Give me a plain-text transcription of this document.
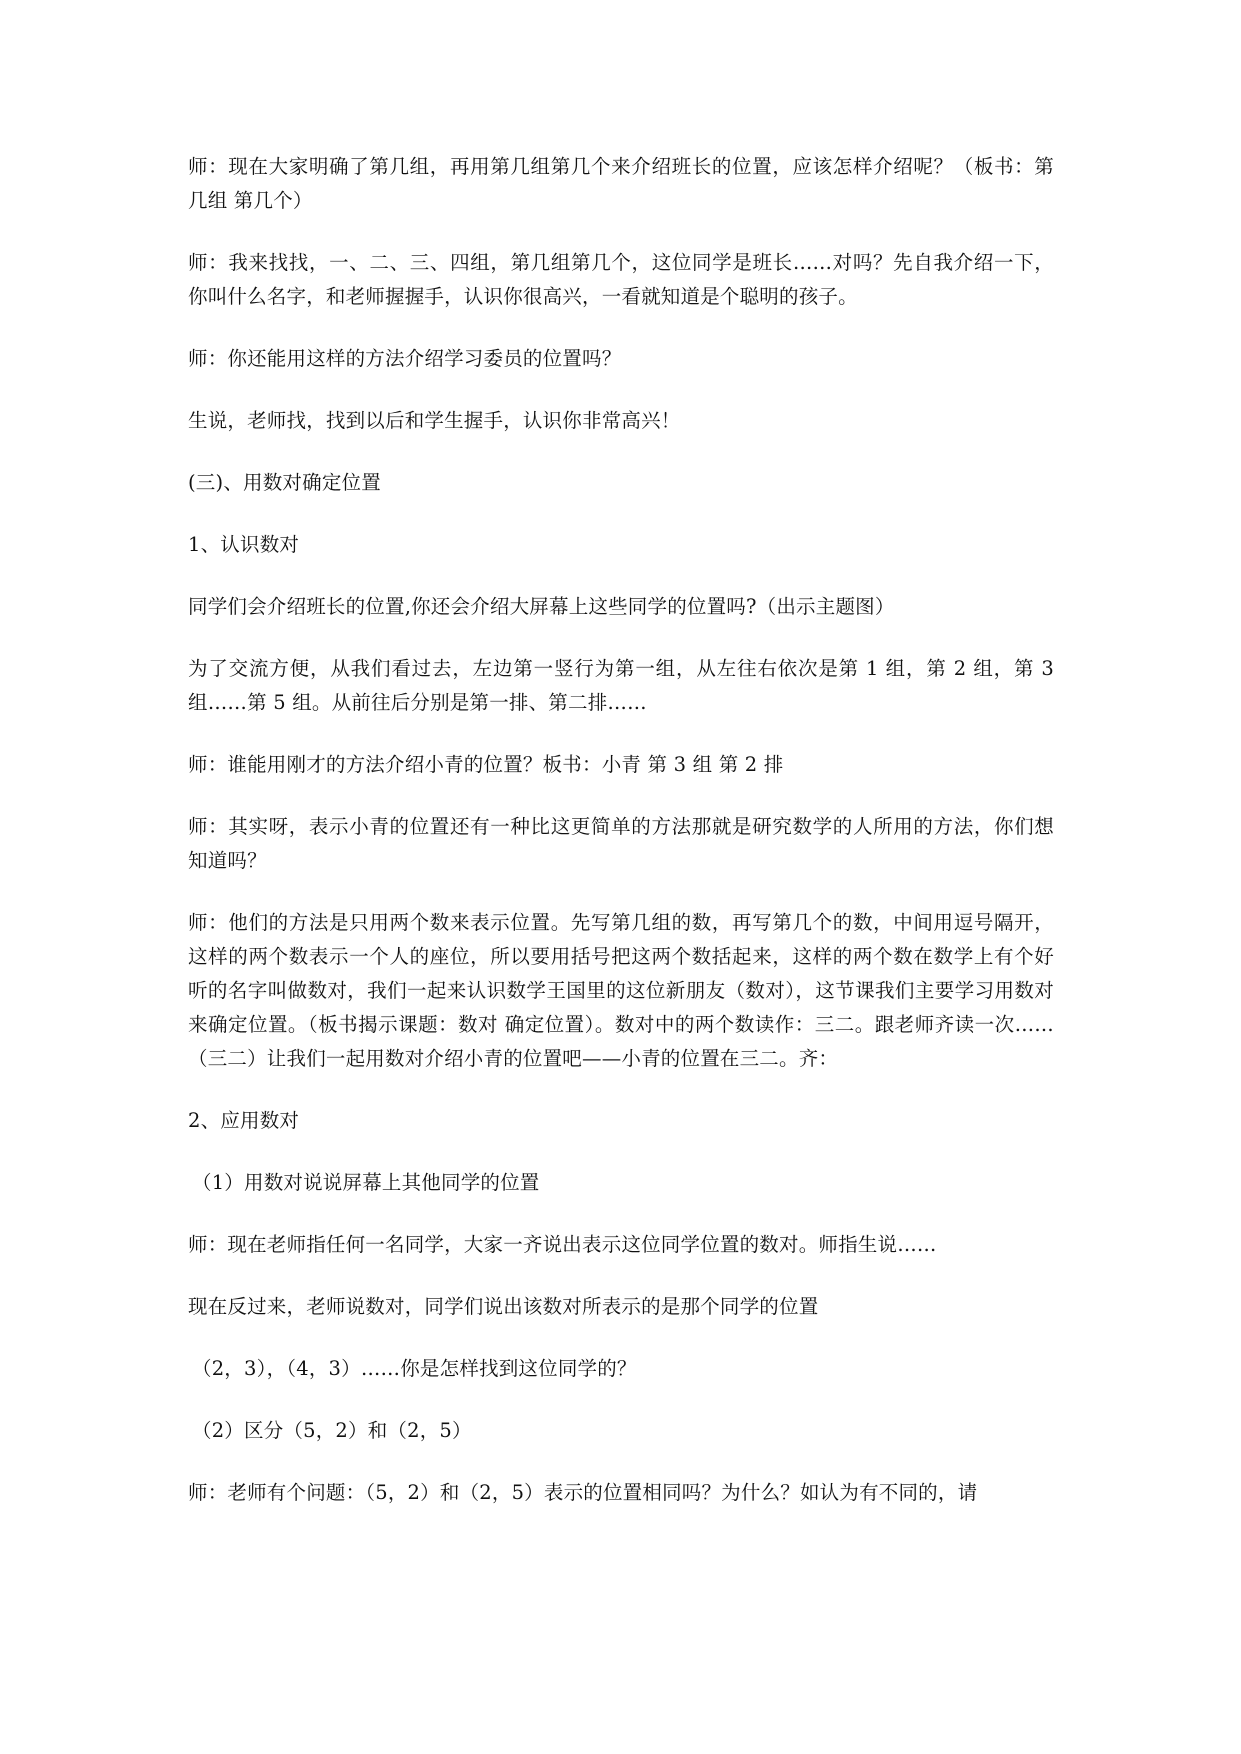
师：现在大家明确了第几组，再用第几组第几个来介绍班长的位置，应该怎样介绍呢？（板书：第几组 第几个）

师：我来找找，一、二、三、四组，第几组第几个，这位同学是班长……对吗？先自我介绍一下，你叫什么名字，和老师握握手，认识你很高兴，一看就知道是个聪明的孩子。

师：你还能用这样的方法介绍学习委员的位置吗？

生说，老师找，找到以后和学生握手，认识你非常高兴！

(三)、用数对确定位置

1、认识数对

同学们会介绍班长的位置,你还会介绍大屏幕上这些同学的位置吗?（出示主题图）

为了交流方便，从我们看过去，左边第一竖行为第一组，从左往右依次是第 1 组，第 2 组，第 3 组……第 5 组。从前往后分别是第一排、第二排……

师：谁能用刚才的方法介绍小青的位置？板书：小青 第 3 组 第 2 排

师：其实呀，表示小青的位置还有一种比这更简单的方法那就是研究数学的人所用的方法，你们想知道吗？

师：他们的方法是只用两个数来表示位置。先写第几组的数，再写第几个的数，中间用逗号隔开，这样的两个数表示一个人的座位，所以要用括号把这两个数括起来，这样的两个数在数学上有个好听的名字叫做数对，我们一起来认识数学王国里的这位新朋友（数对），这节课我们主要学习用数对来确定位置。（板书揭示课题：数对 确定位置）。数对中的两个数读作：三二。跟老师齐读一次……（三二）让我们一起用数对介绍小青的位置吧——小青的位置在三二。齐：

2、应用数对

（1）用数对说说屏幕上其他同学的位置

师：现在老师指任何一名同学，大家一齐说出表示这位同学位置的数对。师指生说……

现在反过来，老师说数对，同学们说出该数对所表示的是那个同学的位置

（2，3），（4，3）……你是怎样找到这位同学的？

（2）区分（5，2）和（2，5）

师：老师有个问题：（5，2）和（2，5）表示的位置相同吗？为什么？如认为有不同的，请
